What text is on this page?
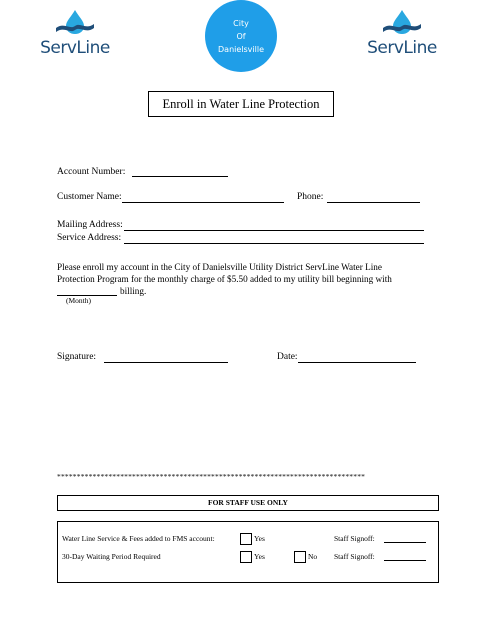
ServLine
City
Of
Danielsville	ServLine
Enroll in Water Line Protection
Account Number:
Customer Name:	Phone:
Mailing Address:
Service Address:
Please enroll my account in the City of Danielsville Utility District ServLine Water Line
Protection Program for the monthly charge of $5.50 added to my utility bill beginning with
billing.
(Month)
Signature:	Date:
******************************************************************************
FOR STAFF USE ONLY
Water Line Service & Fees added to FMS account:	Yes	Staff Signoff:
30-Day Waiting Period Required	Yes	No Staff Signoff:
